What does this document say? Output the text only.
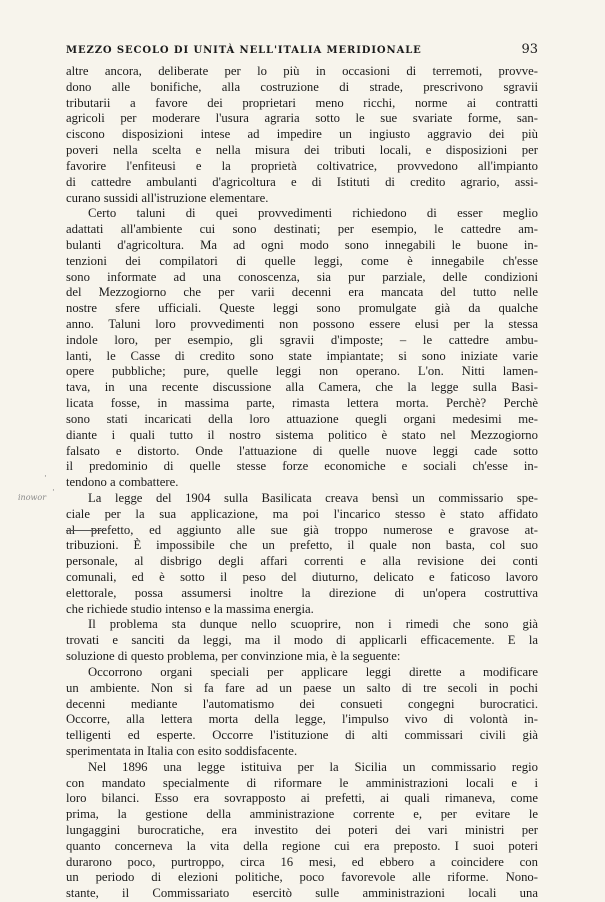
MEZZO SECOLO DI UNITÀ NELL'ITALIA MERIDIONALE	93
altre ancora, deliberate per lo più in occasioni di terremoti, provve-
dono alle bonifiche, alla costruzione di strade, prescrivono sgravii
tributarii a favore dei proprietari meno ricchi, norme ai contratti
agricoli per moderare l'usura agraria sotto le sue svariate forme, san-
ciscono disposizioni intese ad impedire un ingiusto aggravio dei più
poveri nella scelta e nella misura dei tributi locali, e disposizioni per
favorire l'enfiteusi e la proprietà coltivatrice, provvedono all'impianto
di cattedre ambulanti d'agricoltura e di Istituti di credito agrario, assi-
curano sussidi all'istruzione elementare.
Certo taluni di quei provvedimenti richiedono di esser meglio
adattati all'ambiente cui sono destinati; per esempio, le cattedre am-
bulanti d'agricoltura. Ma ad ogni modo sono innegabili le buone in-
tenzioni dei compilatori di quelle leggi, come è innegabile ch'esse
sono informate ad una conoscenza, sia pur parziale, delle condizioni
del Mezzogiorno che per varii decenni era mancata del tutto nelle
nostre sfere ufficiali. Queste leggi sono promulgate già da qualche
anno. Taluni loro provvedimenti non possono essere elusi per la stessa
indole loro, per esempio, gli sgravii d'imposte; – le cattedre ambu-
lanti, le Casse di credito sono state impiantate; si sono iniziate varie
opere pubbliche; pure, quelle leggi non operano. L'on. Nitti lamen-
tava, in una recente discussione alla Camera, che la legge sulla Basi-
licata fosse, in massima parte, rimasta lettera morta. Perchè? Perchè
sono stati incaricati della loro attuazione quegli organi medesimi me-
diante i quali tutto il nostro sistema politico è stato nel Mezzogiorno
falsato e distorto. Onde l'attuazione di quelle nuove leggi cade sotto
il predominio di quelle stesse forze economiche e sociali ch'esse in-
tendono a combattere.
La legge del 1904 sulla Basilicata creava bensì un commissario spe-
ciale per la sua applicazione, ma poi l'incarico stesso è stato affidato
al prefetto, ed aggiunto alle sue già troppo numerose e gravose at-
tribuzioni. È impossibile che un prefetto, il quale non basta, col suo
personale, al disbrigo degli affari correnti e alla revisione dei conti
comunali, ed è sotto il peso del diuturno, delicato e faticoso lavoro
elettorale, possa assumersi inoltre la direzione di un'opera costruttiva
che richiede studio intenso e la massima energia.
Il problema sta dunque nello scuoprire, non i rimedi che sono già
trovati e sanciti da leggi, ma il modo di applicarli efficacemente. E la
soluzione di questo problema, per convinzione mia, è la seguente:
Occorrono organi speciali per applicare leggi dirette a modificare
un ambiente. Non si fa fare ad un paese un salto di tre secoli in pochi
decenni mediante l'automatismo dei consueti congegni burocratici.
Occorre, alla lettera morta della legge, l'impulso vivo di volontà in-
telligenti ed esperte. Occorre l'istituzione di alti commissari civili già
sperimentata in Italia con esito soddisfacente.
Nel 1896 una legge istituiva per la Sicilia un commissario regio
con mandato specialmente di riformare le amministrazioni locali e i
loro bilanci. Esso era sovrapposto ai prefetti, ai quali rimaneva, come
prima, la gestione della amministrazione corrente e, per evitare le
lungaggini burocratiche, era investito dei poteri dei vari ministri per
quanto concerneva la vita della regione cui era preposto. I suoi poteri
durarono poco, purtroppo, circa 16 mesi, ed ebbero a coincidere con
un periodo di elezioni politiche, poco favorevole alle riforme. Nono-
stante, il Commissariato esercitò sulle amministrazioni locali una
inowor
·
·
